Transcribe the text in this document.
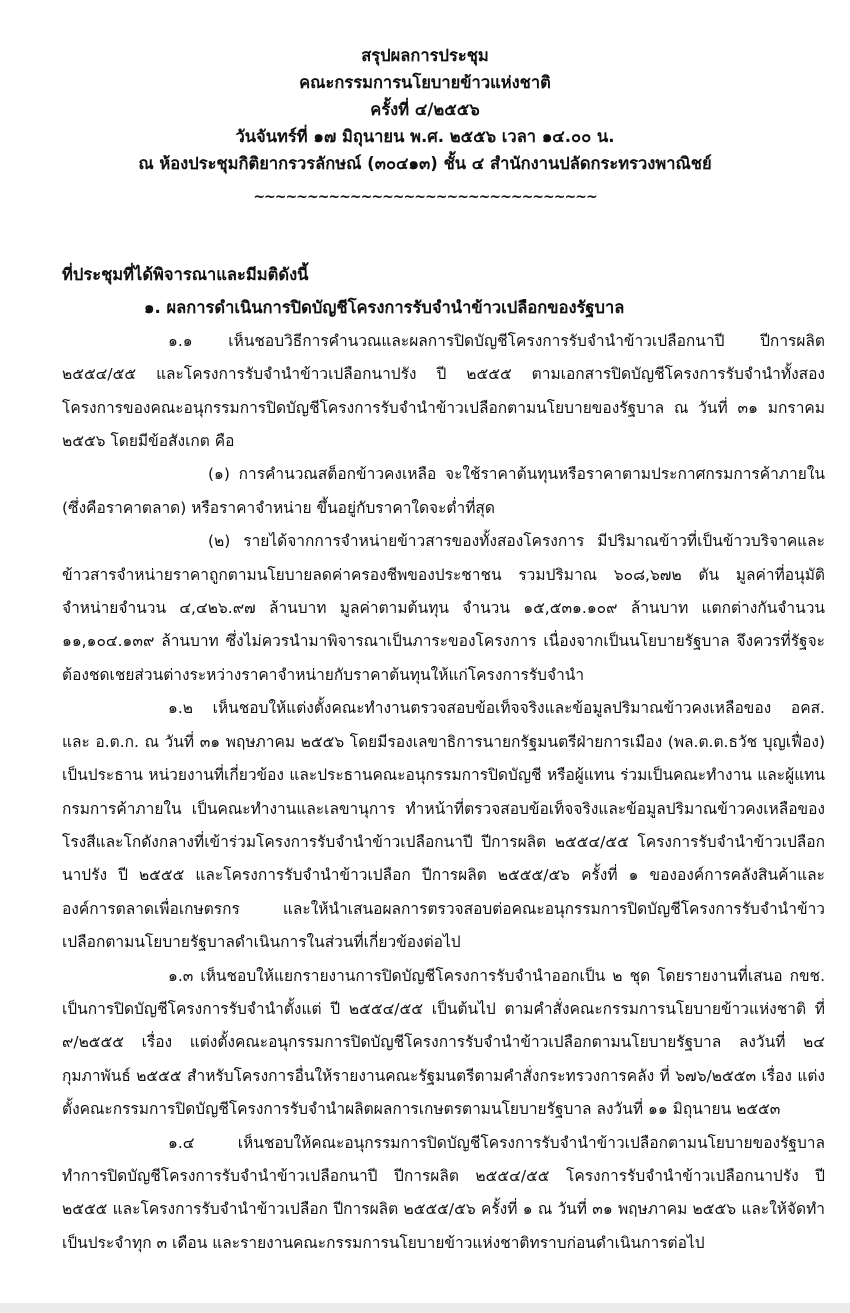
สรุปผลการประชุม
คณะกรรมการนโยบายข้าวแห่งชาติ
ครั้งที่ ๔/๒๕๕๖
วันจันทร์ที่ ๑๗ มิถุนายน พ.ศ. ๒๕๕๖ เวลา ๑๔.๐๐ น.
ณ ห้องประชุมกิติยากรวรลักษณ์ (๓๐๔๑๓) ชั้น ๔ สำนักงานปลัดกระทรวงพาณิชย์
~~~~~~~~~~~~~~~~~~~~~~~~~~~~~~~~

ที่ประชุมที่ได้พิจารณาและมีมติดังนี้

๑. ผลการดำเนินการปิดบัญชีโครงการรับจำนำข้าวเปลือกของรัฐบาล

๑.๑ เห็นชอบวิธีการคำนวณและผลการปิดบัญชีโครงการรับจำนำข้าวเปลือกนาปี ปีการผลิต ๒๕๕๔/๕๕ และโครงการรับจำนำข้าวเปลือกนาปรัง ปี ๒๕๕๕ ตามเอกสารปิดบัญชีโครงการรับจำนำทั้งสองโครงการของคณะอนุกรรมการปิดบัญชีโครงการรับจำนำข้าวเปลือกตามนโยบายของรัฐบาล ณ วันที่ ๓๑ มกราคม ๒๕๕๖ โดยมีข้อสังเกต คือ

(๑) การคำนวณสต็อกข้าวคงเหลือ จะใช้ราคาต้นทุนหรือราคาตามประกาศกรมการค้าภายใน (ซึ่งคือราคาตลาด) หรือราคาจำหน่าย ขึ้นอยู่กับราคาใดจะต่ำที่สุด

(๒) รายได้จากการจำหน่ายข้าวสารของทั้งสองโครงการ มีปริมาณข้าวที่เป็นข้าวบริจาคและข้าวสารจำหน่ายราคาถูกตามนโยบายลดค่าครองชีพของประชาชน รวมปริมาณ ๖๐๘,๖๗๒ ตัน มูลค่าที่อนุมัติจำหน่ายจำนวน ๔,๔๒๖.๙๗ ล้านบาท มูลค่าตามต้นทุน จำนวน ๑๕,๕๓๑.๑๐๙ ล้านบาท แตกต่างกันจำนวน ๑๑,๑๐๔.๑๓๙ ล้านบาท ซึ่งไม่ควรนำมาพิจารณาเป็นภาระของโครงการ เนื่องจากเป็นนโยบายรัฐบาล จึงควรที่รัฐจะต้องชดเชยส่วนต่างระหว่างราคาจำหน่ายกับราคาต้นทุนให้แก่โครงการรับจำนำ

๑.๒ เห็นชอบให้แต่งตั้งคณะทำงานตรวจสอบข้อเท็จจริงและข้อมูลปริมาณข้าวคงเหลือของ อคส. และ อ.ต.ก. ณ วันที่ ๓๑ พฤษภาคม ๒๕๕๖ โดยมีรองเลขาธิการนายกรัฐมนตรีฝ่ายการเมือง (พล.ต.ต.ธวัช บุญเฟื่อง) เป็นประธาน หน่วยงานที่เกี่ยวข้อง และประธานคณะอนุกรรมการปิดบัญชี หรือผู้แทน ร่วมเป็นคณะทำงาน และผู้แทนกรมการค้าภายใน เป็นคณะทำงานและเลขานุการ ทำหน้าที่ตรวจสอบข้อเท็จจริงและข้อมูลปริมาณข้าวคงเหลือของโรงสีและโกดังกลางที่เข้าร่วมโครงการรับจำนำข้าวเปลือกนาปี ปีการผลิต ๒๕๕๔/๕๕ โครงการรับจำนำข้าวเปลือกนาปรัง ปี ๒๕๕๕ และโครงการรับจำนำข้าวเปลือก ปีการผลิต ๒๕๕๕/๕๖ ครั้งที่ ๑ ขององค์การคลังสินค้าและองค์การตลาดเพื่อเกษตรกร และให้นำเสนอผลการตรวจสอบต่อคณะอนุกรรมการปิดบัญชีโครงการรับจำนำข้าวเปลือกตามนโยบายรัฐบาลดำเนินการในส่วนที่เกี่ยวข้องต่อไป

๑.๓ เห็นชอบให้แยกรายงานการปิดบัญชีโครงการรับจำนำออกเป็น ๒ ชุด โดยรายงานที่เสนอ กขช. เป็นการปิดบัญชีโครงการรับจำนำตั้งแต่ ปี ๒๕๕๔/๕๕ เป็นต้นไป ตามคำสั่งคณะกรรมการนโยบายข้าวแห่งชาติ ที่ ๙/๒๕๕๕ เรื่อง แต่งตั้งคณะอนุกรรมการปิดบัญชีโครงการรับจำนำข้าวเปลือกตามนโยบายรัฐบาล ลงวันที่ ๒๔ กุมภาพันธ์ ๒๕๕๕ สำหรับโครงการอื่นให้รายงานคณะรัฐมนตรีตามคำสั่งกระทรวงการคลัง ที่ ๖๗๖/๒๕๕๓ เรื่อง แต่งตั้งคณะกรรมการปิดบัญชีโครงการรับจำนำผลิตผลการเกษตรตามนโยบายรัฐบาล ลงวันที่ ๑๑ มิถุนายน ๒๕๕๓

๑.๔ เห็นชอบให้คณะอนุกรรมการปิดบัญชีโครงการรับจำนำข้าวเปลือกตามนโยบายของรัฐบาล ทำการปิดบัญชีโครงการรับจำนำข้าวเปลือกนาปี ปีการผลิต ๒๕๕๔/๕๕ โครงการรับจำนำข้าวเปลือกนาปรัง ปี ๒๕๕๕ และโครงการรับจำนำข้าวเปลือก ปีการผลิต ๒๕๕๕/๕๖ ครั้งที่ ๑ ณ วันที่ ๓๑ พฤษภาคม ๒๕๕๖ และให้จัดทำเป็นประจำทุก ๓ เดือน และรายงานคณะกรรมการนโยบายข้าวแห่งชาติทราบก่อนดำเนินการต่อไป
